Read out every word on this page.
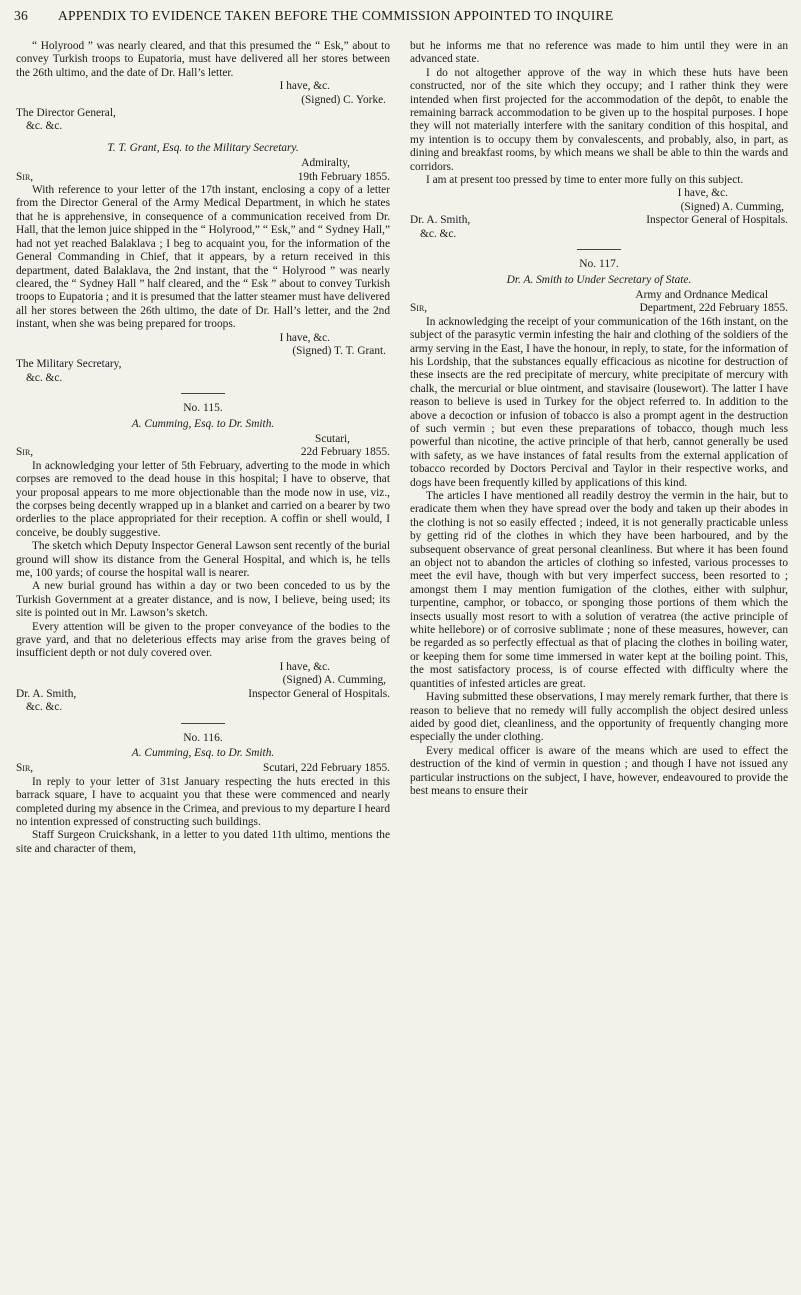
36 APPENDIX TO EVIDENCE TAKEN BEFORE THE COMMISSION APPOINTED TO INQUIRE

“ Holyrood ” was nearly cleared, and that this presumed the “ Esk,” about to convey Turkish troops to Eupatoria, must have delivered all her stores between the 26th ultimo, and the date of Dr. Hall’s letter.

I have, &c.
(Signed) C. Yorke.
The Director General,
&c. &c.
T. T. Grant, Esq. to the Military Secretary.
Admiralty,
Sir,	19th February 1855.

With reference to your letter of the 17th instant, enclosing a copy of a letter from the Director General of the Army Medical Department, in which he states that he is apprehensive, in consequence of a communication received from Dr. Hall, that the lemon juice shipped in the “ Holyrood,” “ Esk,” and “ Sydney Hall,” had not yet reached Balaklava ; I beg to acquaint you, for the information of the General Commanding in Chief, that it appears, by a return received in this department, dated Balaklava, the 2nd instant, that the “ Holyrood ” was nearly cleared, the “ Sydney Hall ” half cleared, and the “ Esk ” about to convey Turkish troops to Eupatoria ; and it is presumed that the latter steamer must have delivered all her stores between the 26th ultimo, the date of Dr. Hall’s letter, and the 2nd instant, when she was being prepared for troops.

I have, &c.
(Signed) T. T. Grant.
The Military Secretary,
&c. &c.
No. 115.
A. Cumming, Esq. to Dr. Smith.
Scutari,
Sir,	22d February 1855.

In acknowledging your letter of 5th February, adverting to the mode in which corpses are removed to the dead house in this hospital; I have to observe, that your proposal appears to me more objectionable than the mode now in use, viz., the corpses being decently wrapped up in a blanket and carried on a bearer by two orderlies to the place appropriated for their reception. A coffin or shell would, I conceive, be doubly suggestive.

The sketch which Deputy Inspector General Lawson sent recently of the burial ground will show its distance from the General Hospital, and which is, he tells me, 100 yards; of course the hospital wall is nearer.

A new burial ground has within a day or two been conceded to us by the Turkish Government at a greater distance, and is now, I believe, being used; its site is pointed out in Mr. Lawson’s sketch.

Every attention will be given to the proper conveyance of the bodies to the grave yard, and that no deleterious effects may arise from the graves being of insufficient depth or not duly covered over.

I have, &c.
(Signed) A. Cumming,
Dr. A. Smith,	Inspector General of Hospitals.
&c. &c.
No. 116.
A. Cumming, Esq. to Dr. Smith.
Sir,	Scutari, 22d February 1855.

In reply to your letter of 31st January respecting the huts erected in this barrack square, I have to acquaint you that these were commenced and nearly completed during my absence in the Crimea, and previous to my departure I heard no intention expressed of constructing such buildings.

Staff Surgeon Cruickshank, in a letter to you dated 11th ultimo, mentions the site and character of them,

but he informs me that no reference was made to him until they were in an advanced state.

I do not altogether approve of the way in which these huts have been constructed, nor of the site which they occupy; and I rather think they were intended when first projected for the accommodation of the depôt, to enable the remaining barrack accommodation to be given up to the hospital purposes. I hope they will not materially interfere with the sanitary condition of this hospital, and my intention is to occupy them by convalescents, and probably, also, in part, as dining and breakfast rooms, by which means we shall be able to thin the wards and corridors.

I am at present too pressed by time to enter more fully on this subject.

I have, &c.
(Signed) A. Cumming,
Dr. A. Smith,	Inspector General of Hospitals.
&c. &c.
No. 117.
Dr. A. Smith to Under Secretary of State.
Army and Ordnance Medical
Sir,	Department, 22d February 1855.

In acknowledging the receipt of your communication of the 16th instant, on the subject of the parasytic vermin infesting the hair and clothing of the soldiers of the army serving in the East, I have the honour, in reply, to state, for the information of his Lordship, that the substances equally efficacious as nicotine for destruction of these insects are the red precipitate of mercury, white precipitate of mercury with chalk, the mercurial or blue ointment, and stavisaire (lousewort). The latter I have reason to believe is used in Turkey for the object referred to. In addition to the above a decoction or infusion of tobacco is also a prompt agent in the destruction of such vermin ; but even these preparations of tobacco, though much less powerful than nicotine, the active principle of that herb, cannot generally be used with safety, as we have instances of fatal results from the external application of tobacco recorded by Doctors Percival and Taylor in their respective works, and dogs have been frequently killed by applications of this kind.

The articles I have mentioned all readily destroy the vermin in the hair, but to eradicate them when they have spread over the body and taken up their abodes in the clothing is not so easily effected ; indeed, it is not generally practicable unless by getting rid of the clothes in which they have been harboured, and by the subsequent observance of great personal cleanliness. But where it has been found an object not to abandon the articles of clothing so infested, various processes to meet the evil have, though with but very imperfect success, been resorted to ; amongst them I may mention fumigation of the clothes, either with sulphur, turpentine, camphor, or tobacco, or sponging those portions of them which the insects usually most resort to with a solution of veratrea (the active principle of white hellebore) or of corrosive sublimate ; none of these measures, however, can be regarded as so perfectly effectual as that of placing the clothes in boiling water, or keeping them for some time immersed in water kept at the boiling point. This, the most satisfactory process, is of course effected with difficulty where the quantities of infested articles are great.

Having submitted these observations, I may merely remark further, that there is reason to believe that no remedy will fully accomplish the object desired unless aided by good diet, cleanliness, and the opportunity of frequently changing more especially the under clothing.

Every medical officer is aware of the means which are used to effect the destruction of the kind of vermin in question ; and though I have not issued any particular instructions on the subject, I have, however, endeavoured to provide the best means to ensure their
